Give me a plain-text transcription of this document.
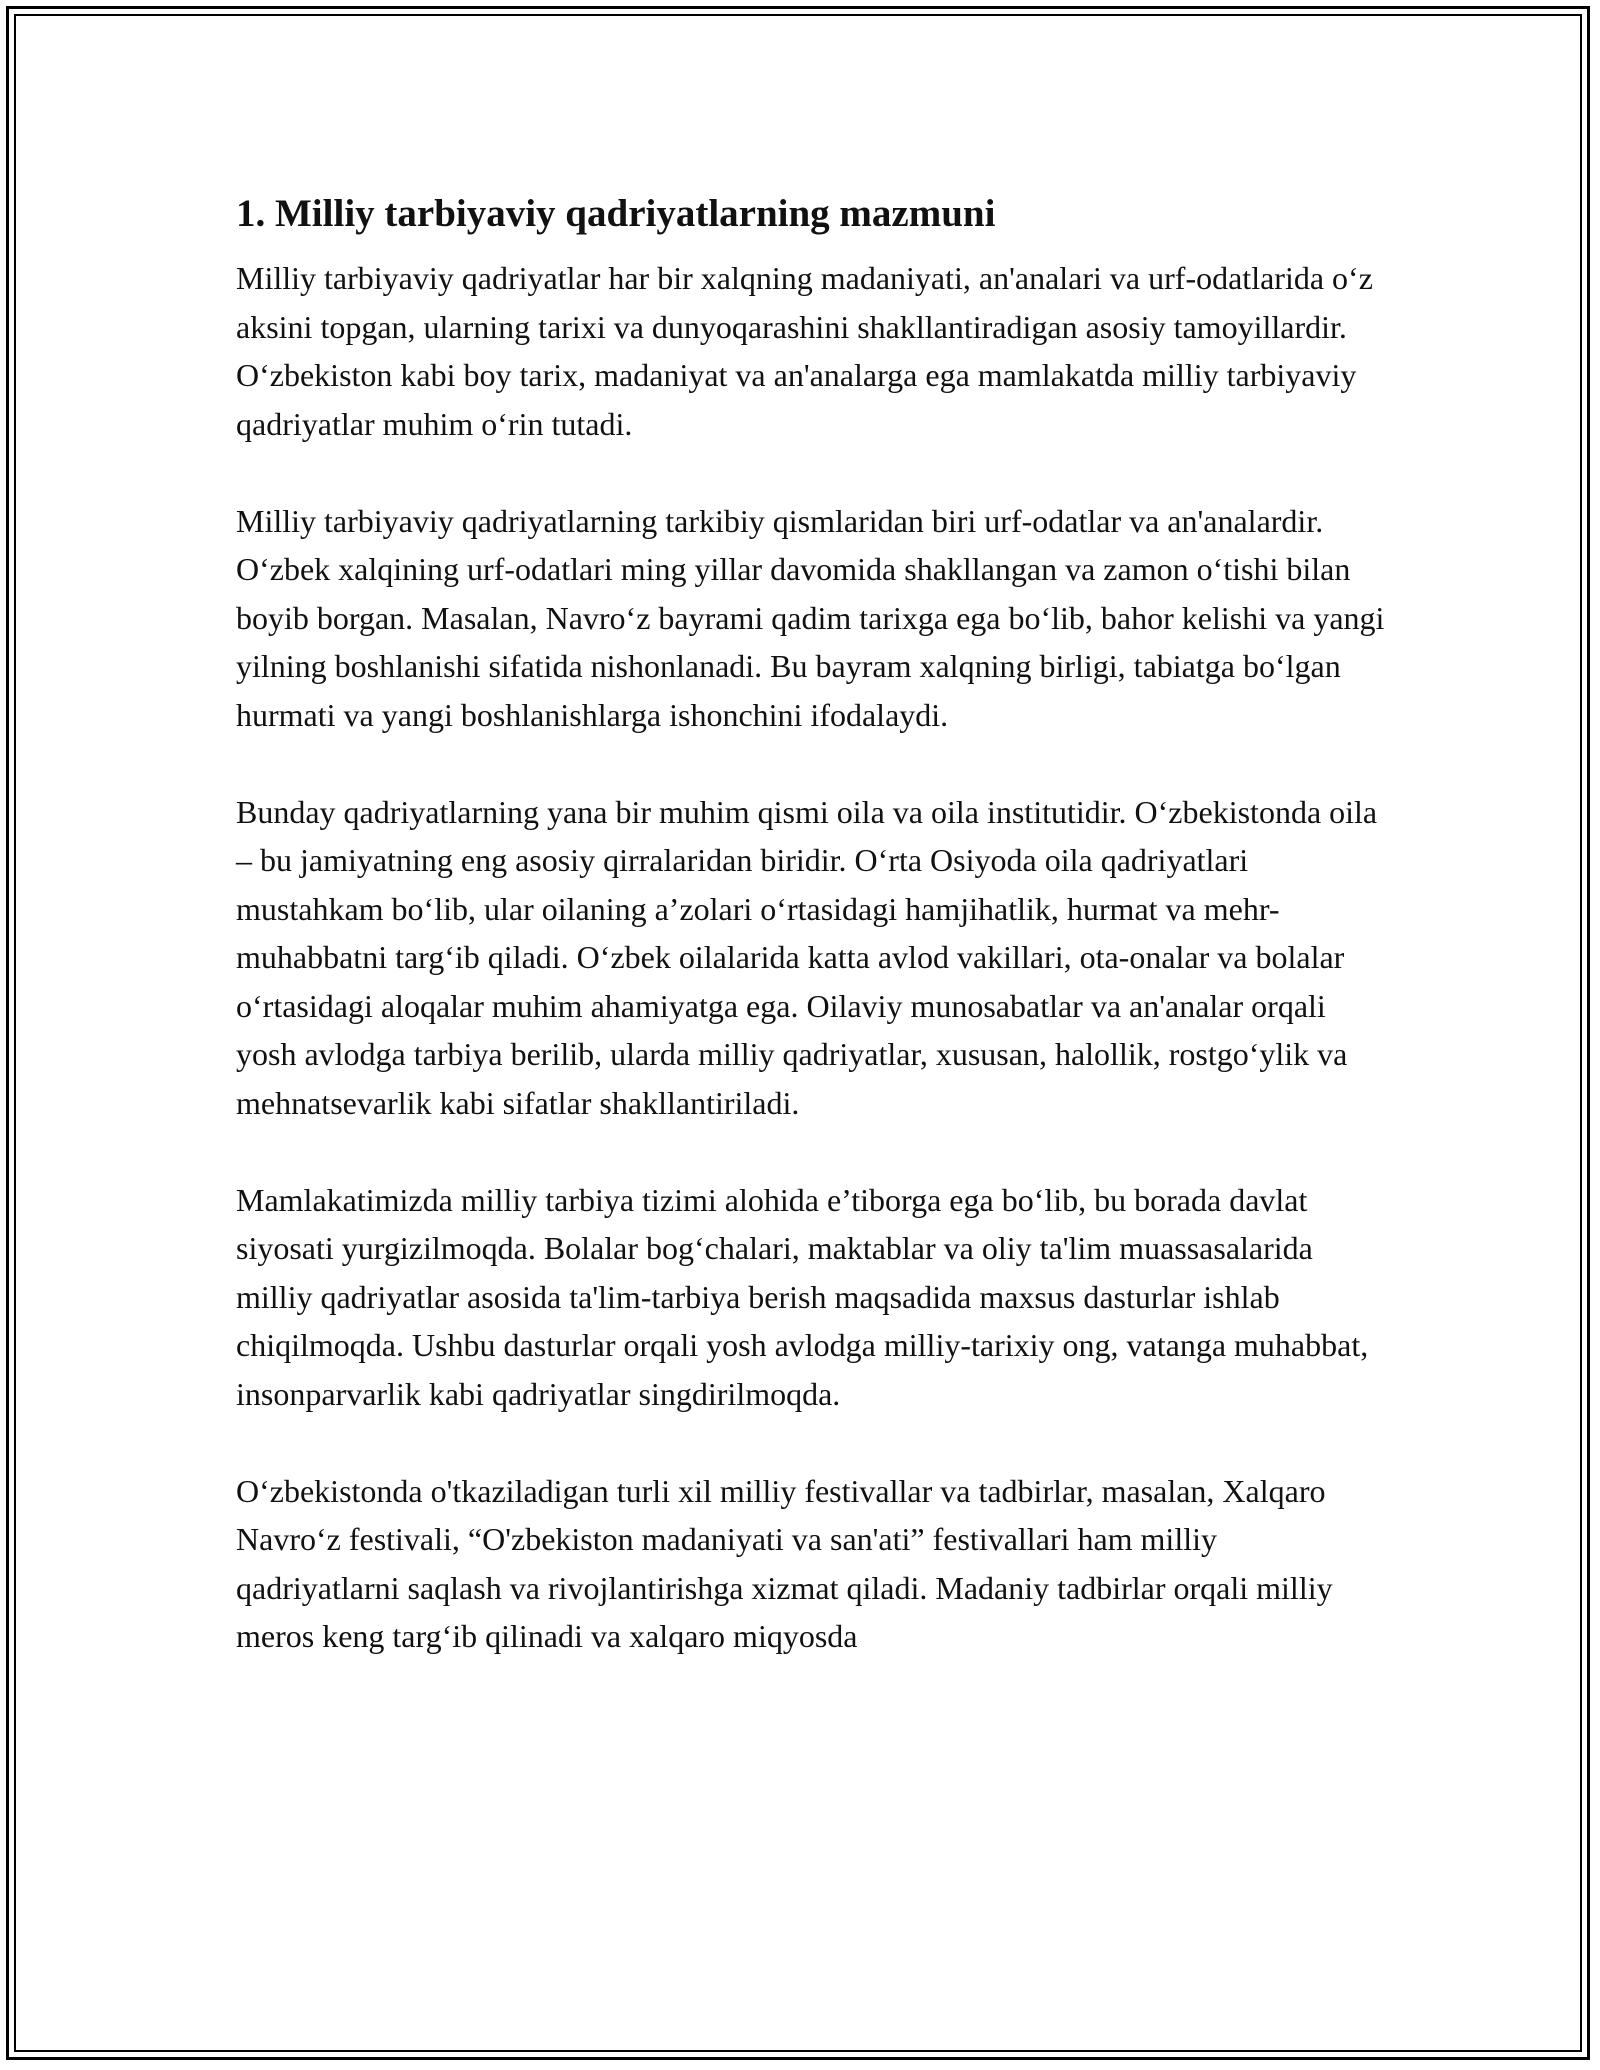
1. Milliy tarbiyaviy qadriyatlarning mazmuni

Milliy tarbiyaviy qadriyatlar har bir xalqning madaniyati, an'analari va urf-odatlarida o‘z aksini topgan, ularning tarixi va dunyoqarashini shakllantiradigan asosiy tamoyillardir. O‘zbekiston kabi boy tarix, madaniyat va an'analarga ega mamlakatda milliy tarbiyaviy qadriyatlar muhim o‘rin tutadi.

Milliy tarbiyaviy qadriyatlarning tarkibiy qismlaridan biri urf-odatlar va an'analardir. O‘zbek xalqining urf-odatlari ming yillar davomida shakllangan va zamon o‘tishi bilan boyib borgan. Masalan, Navro‘z bayrami qadim tarixga ega bo‘lib, bahor kelishi va yangi yilning boshlanishi sifatida nishonlanadi. Bu bayram xalqning birligi, tabiatga bo‘lgan hurmati va yangi boshlanishlarga ishonchini ifodalaydi.

Bunday qadriyatlarning yana bir muhim qismi oila va oila institutidir. O‘zbekistonda oila – bu jamiyatning eng asosiy qirralaridan biridir. O‘rta Osiyoda oila qadriyatlari mustahkam bo‘lib, ular oilaning a’zolari o‘rtasidagi hamjihatlik, hurmat va mehr-muhabbatni targ‘ib qiladi. O‘zbek oilalarida katta avlod vakillari, ota-onalar va bolalar o‘rtasidagi aloqalar muhim ahamiyatga ega. Oilaviy munosabatlar va an'analar orqali yosh avlodga tarbiya berilib, ularda milliy qadriyatlar, xususan, halollik, rostgo‘ylik va mehnatsevarlik kabi sifatlar shakllantiriladi.

Mamlakatimizda milliy tarbiya tizimi alohida e’tiborga ega bo‘lib, bu borada davlat siyosati yurgizilmoqda. Bolalar bog‘chalari, maktablar va oliy ta'lim muassasalarida milliy qadriyatlar asosida ta'lim-tarbiya berish maqsadida maxsus dasturlar ishlab chiqilmoqda. Ushbu dasturlar orqali yosh avlodga milliy-tarixiy ong, vatanga muhabbat, insonparvarlik kabi qadriyatlar singdirilmoqda.

O‘zbekistonda o'tkaziladigan turli xil milliy festivallar va tadbirlar, masalan, Xalqaro Navro‘z festivali, “O'zbekiston madaniyati va san'ati” festivallari ham milliy qadriyatlarni saqlash va rivojlantirishga xizmat qiladi. Madaniy tadbirlar orqali milliy meros keng targ‘ib qilinadi va xalqaro miqyosda
